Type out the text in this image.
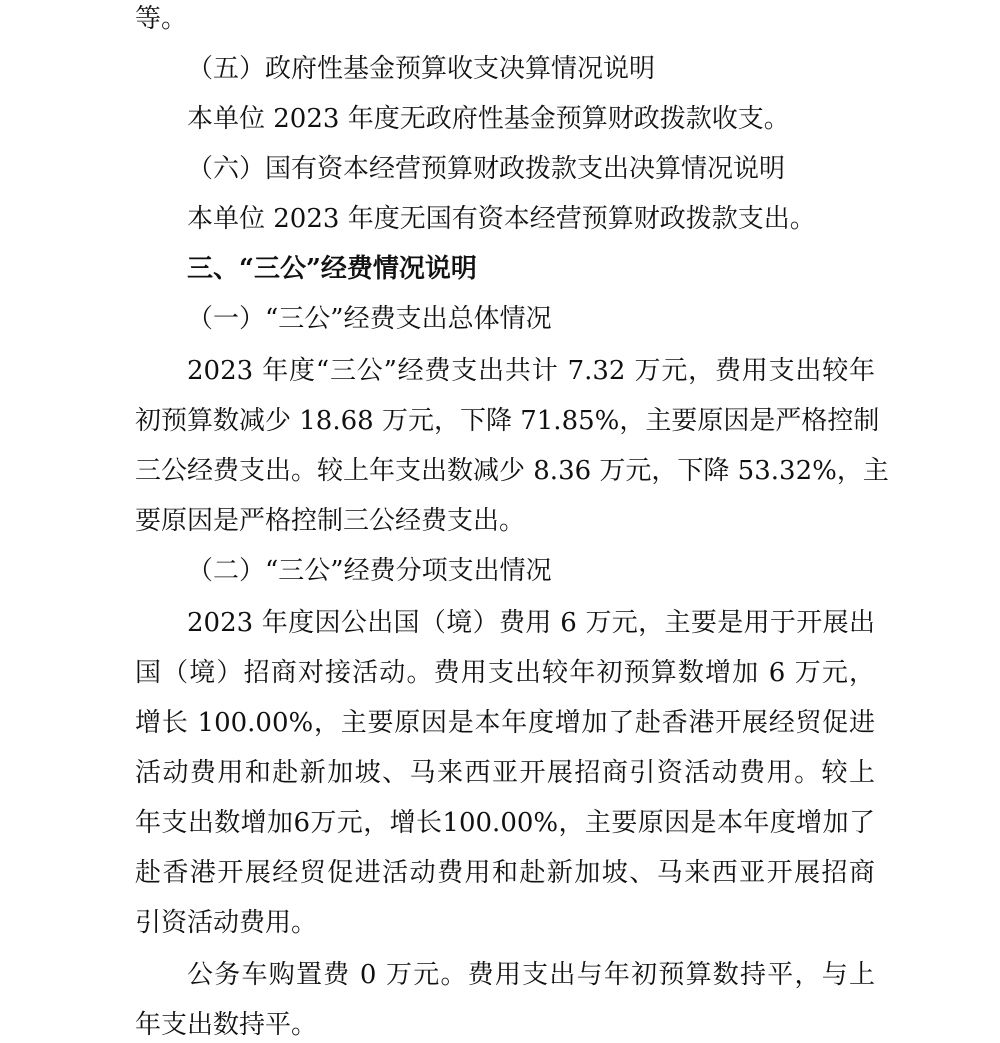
等。

（五）政府性基金预算收支决算情况说明

本单位 2023 年度无政府性基金预算财政拨款收支。

（六）国有资本经营预算财政拨款支出决算情况说明

本单位 2023 年度无国有资本经营预算财政拨款支出。

三、“三公”经费情况说明

（一）“三公”经费支出总体情况

2023 年度“三公”经费支出共计 7.32 万元，费用支出较年

初预算数减少 18.68 万元，下降 71.85%，主要原因是严格控制

三公经费支出。较上年支出数减少 8.36 万元，下降 53.32%，主

要原因是严格控制三公经费支出。

（二）“三公”经费分项支出情况

2023 年度因公出国（境）费用 6 万元，主要是用于开展出

国（境）招商对接活动。费用支出较年初预算数增加 6 万元，

增长 100.00%，主要原因是本年度增加了赴香港开展经贸促进

活动费用和赴新加坡、马来西亚开展招商引资活动费用。较上

年支出数增加6万元，增长100.00%，主要原因是本年度增加了

赴香港开展经贸促进活动费用和赴新加坡、马来西亚开展招商

引资活动费用。

公务车购置费 0 万元。费用支出与年初预算数持平，与上

年支出数持平。
